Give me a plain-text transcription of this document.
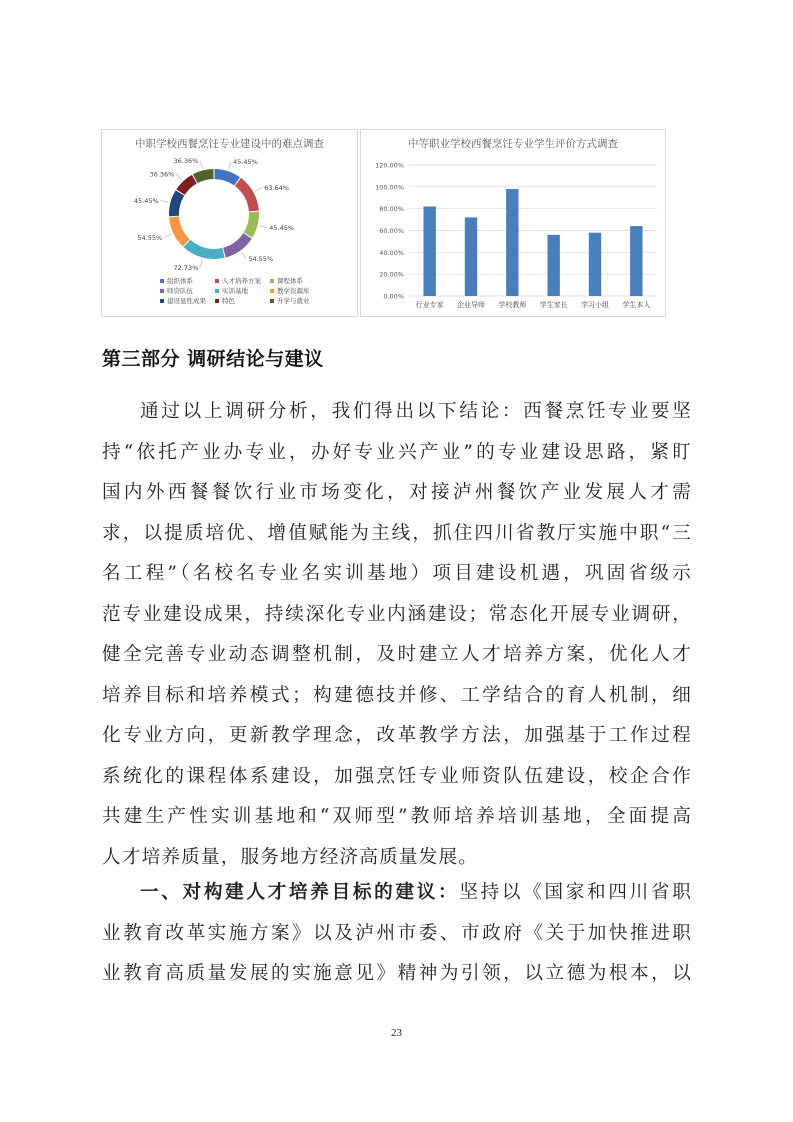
中职学校西餐烹饪专业建设中的难点调查
45.45%
63.64%
45.45%
54.55%
72.73%
54.55%
45.45%
36.36%
36.36%
组织体系	人才培养方案 课程体系
师资队伍	实训基地	教学资源库
建设显性成果 特色	升学与就业
中等职业学校西餐烹饪专业学生评价方式调查
0.00%
20.00%
40.00%
60.00%
80.00%
100.00%
120.00%
行业专家 企业导师 学校教师 学生家长 学习小组 学生本人
第三部分 调研结论与建议
通过以上调研分析，我们得出以下结论：西餐烹饪专业要坚
持“依托产业办专业，办好专业兴产业”的专业建设思路，紧盯
国内外西餐餐饮行业市场变化，对接泸州餐饮产业发展人才需
求，以提质培优、增值赋能为主线，抓住四川省教厅实施中职“三
名工程”（名校名专业名实训基地）项目建设机遇，巩固省级示
范专业建设成果，持续深化专业内涵建设；常态化开展专业调研，
健全完善专业动态调整机制，及时建立人才培养方案，优化人才
培养目标和培养模式；构建德技并修、工学结合的育人机制，细
化专业方向，更新教学理念，改革教学方法，加强基于工作过程
系统化的课程体系建设，加强烹饪专业师资队伍建设，校企合作
共建生产性实训基地和“双师型”教师培养培训基地，全面提高
人才培养质量，服务地方经济高质量发展。
一、对构建人才培养目标的建议：坚持以《国家和四川省职
业教育改革实施方案》以及泸州市委、市政府《关于加快推进职
业教育高质量发展的实施意见》精神为引领，以立德为根本，以
23
